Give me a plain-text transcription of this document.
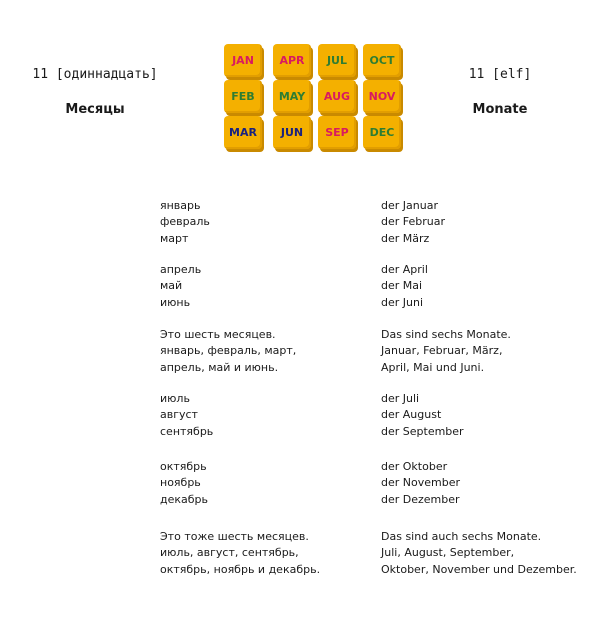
11 [одиннадцать]
Месяцы
JAN APR JUL OCT
FEB MAY AUG NOV
MAR JUN SEP DEC
11 [elf]
Monate
январь
февраль
март
апрель
май
июнь
Это шесть месяцев.
январь, февраль, март,
апрель, май и июнь.
июль
август
сентябрь
октябрь
ноябрь
декабрь
Это тоже шесть месяцев.
июль, август, сентябрь,
октябрь, ноябрь и декабрь.
der Januar
der Februar
der März
der April
der Mai
der Juni
Das sind sechs Monate.
Januar, Februar, März,
April, Mai und Juni.
der Juli
der August
der September
der Oktober
der November
der Dezember
Das sind auch sechs Monate.
Juli, August, September,
Oktober, November und Dezember.
